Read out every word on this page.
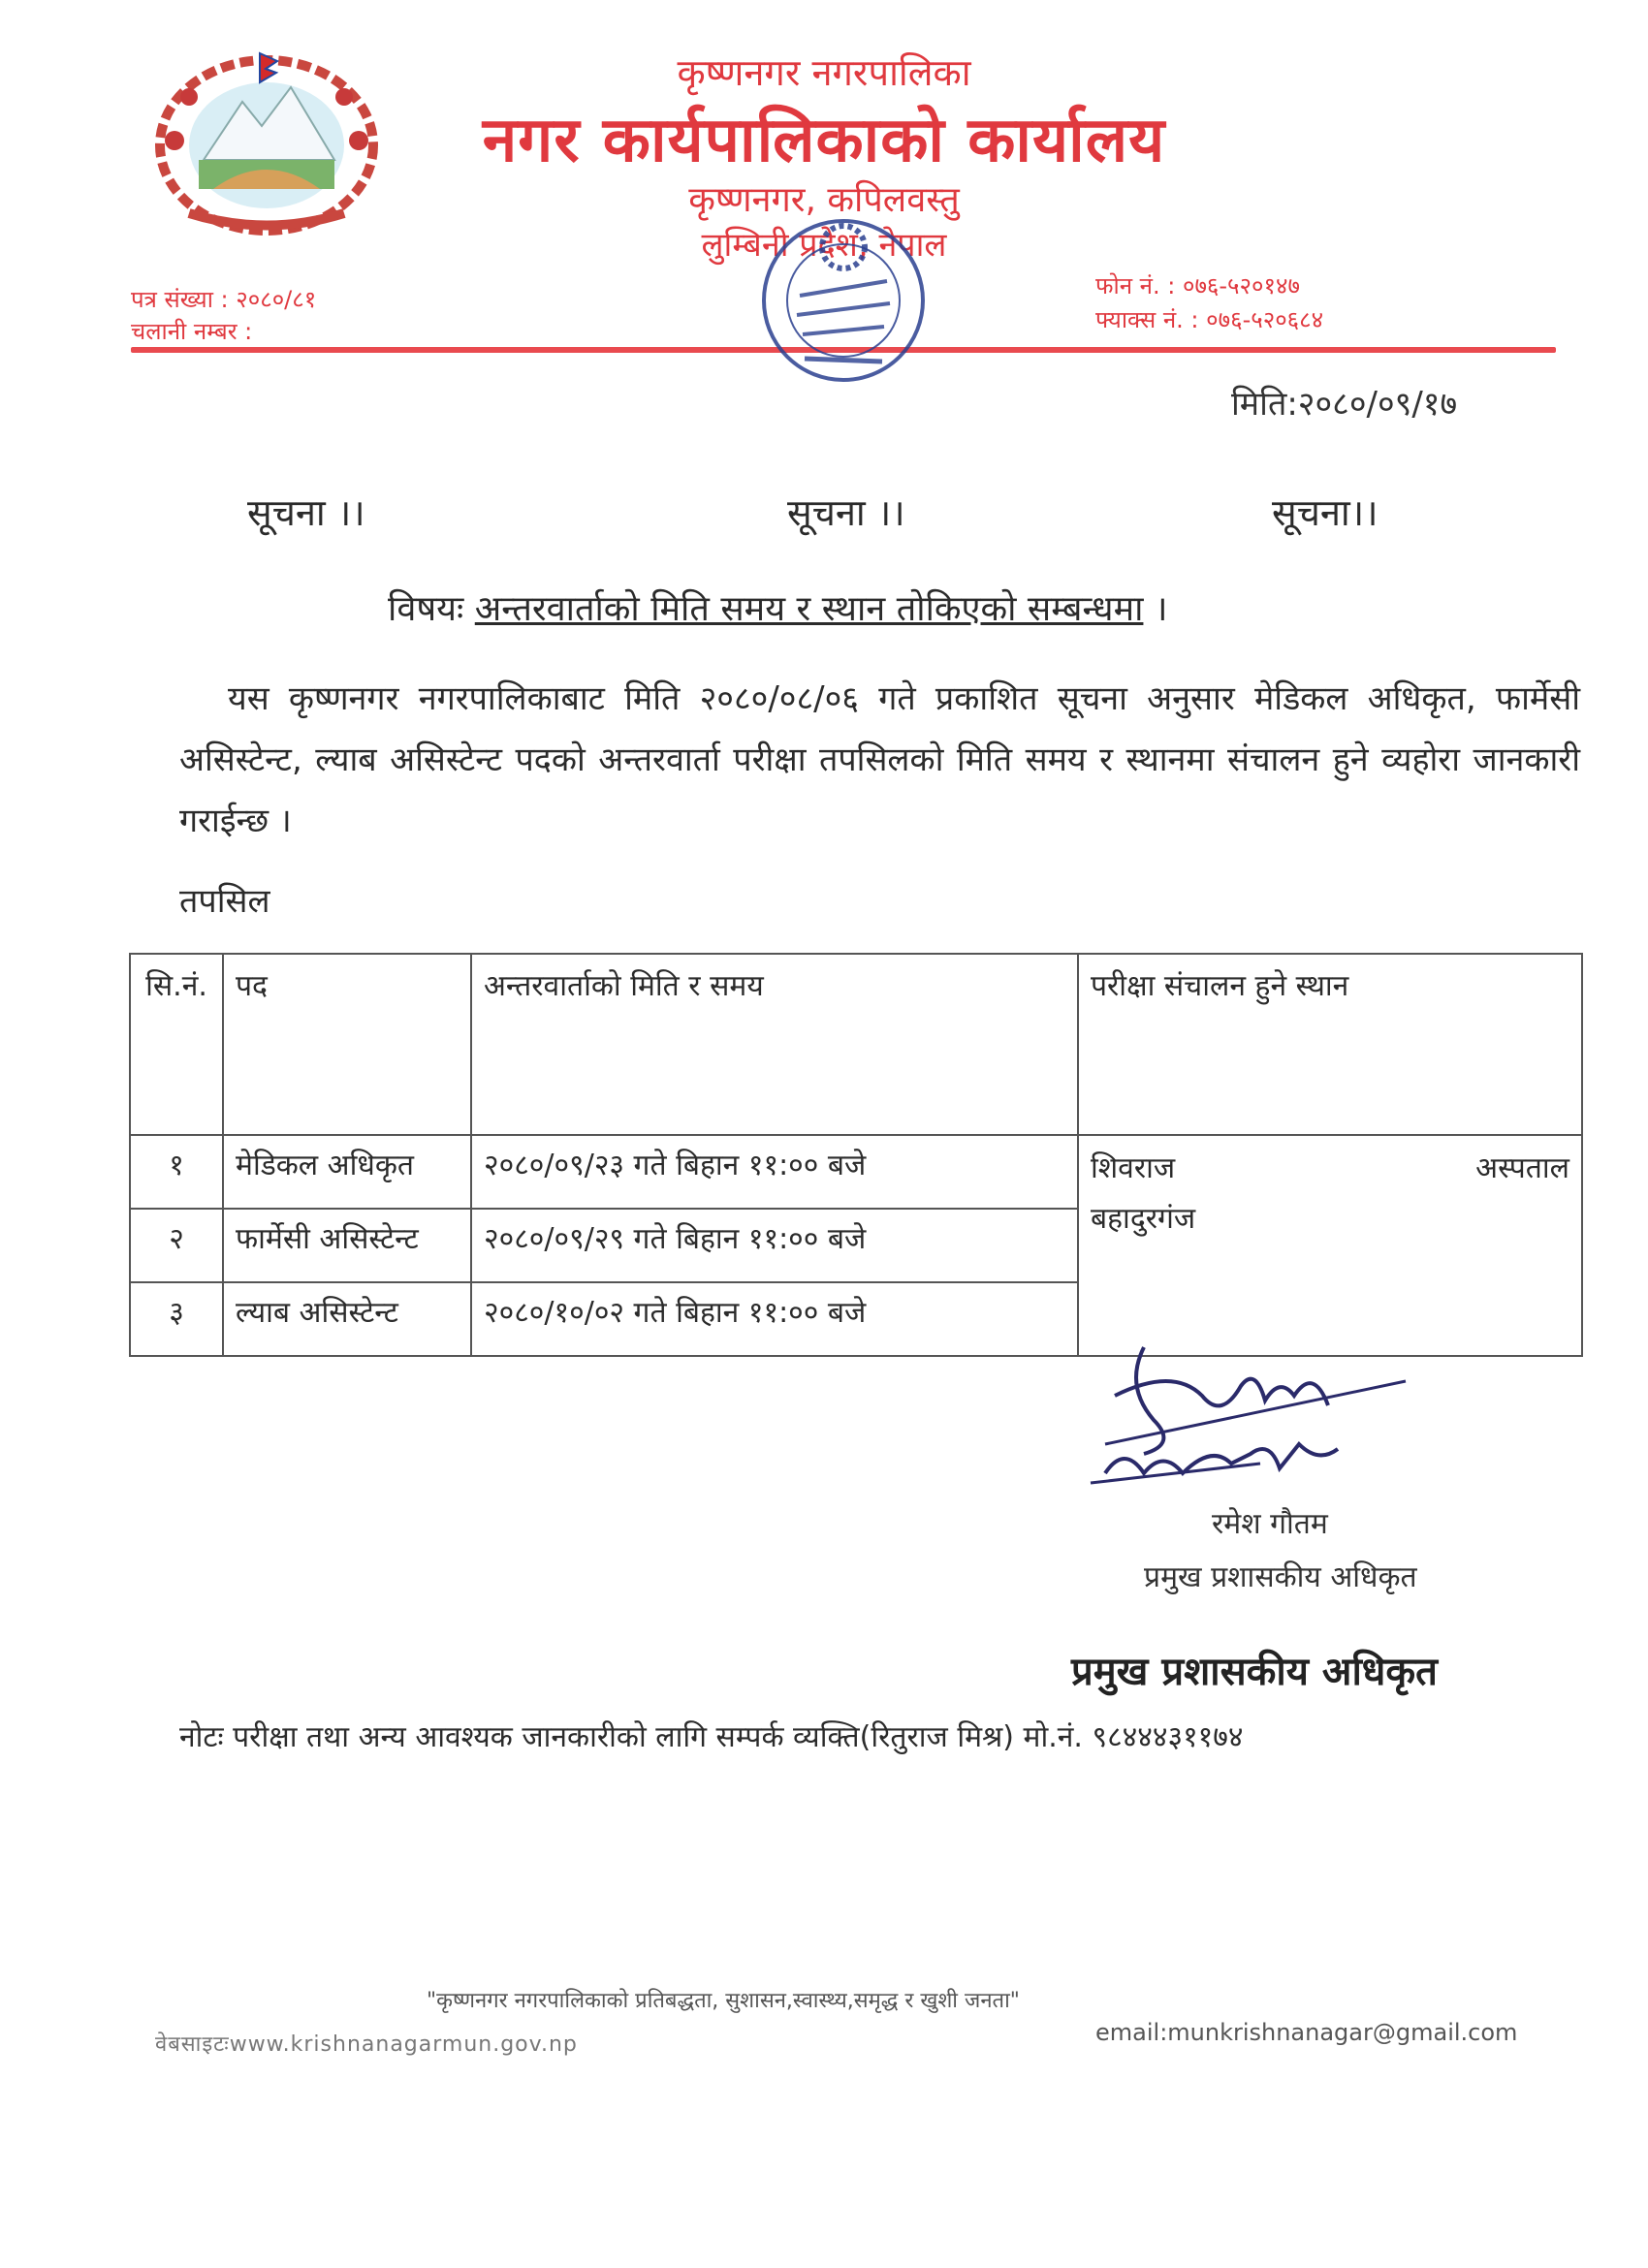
कृष्णनगर नगरपालिका
नगर कार्यपालिकाको कार्यालय
कृष्णनगर, कपिलवस्तु
लुम्बिनी प्रदेश, नेपाल
पत्र संख्या : २०८०/८१
चलानी नम्बर :
फोन नं. : ०७६-५२०१४७
फ्याक्स नं. : ०७६-५२०६८४
मिति:२०८०/०९/१७
सूचना ।।	सूचना ।।	सूचना।।
विषयः अन्तरवार्ताको मिति समय र स्थान तोकिएको सम्बन्धमा ।
यस कृष्णनगर नगरपालिकाबाट मिति २०८०/०८/०६ गते प्रकाशित सूचना अनुसार मेडिकल अधिकृत, फार्मेसी असिस्टेन्ट, ल्याब असिस्टेन्ट पदको अन्तरवार्ता परीक्षा तपसिलको मिति समय र स्थानमा संचालन हुने व्यहोरा जानकारी गराईन्छ ।
तपसिल
सि.नं.	पद	अन्तरवार्ताको मिति र समय	परीक्षा संचालन हुने स्थान
१	मेडिकल अधिकृत	२०८०/०९/२३ गते बिहान ११:०० बजे	शिवराज अस्पताल
बहादुरगंज

२	फार्मेसी असिस्टेन्ट	२०८०/०९/२९ गते बिहान ११:०० बजे	
३	ल्याब असिस्टेन्ट	२०८०/१०/०२ गते बिहान ११:०० बजे	
रमेश गौतम
प्रमुख प्रशासकीय अधिकृत
प्रमुख प्रशासकीय अधिकृत
नोटः परीक्षा तथा अन्य आवश्यक जानकारीको लागि सम्पर्क व्यक्ति(रितुराज मिश्र) मो.नं. ९८४४४३११७४
"कृष्णनगर नगरपालिकाको प्रतिबद्धता, सुशासन,स्वास्थ्य,समृद्ध र खुशी जनता"
वेबसाइटःwww.krishnanagarmun.gov.np	email:munkrishnanagar@gmail.com
